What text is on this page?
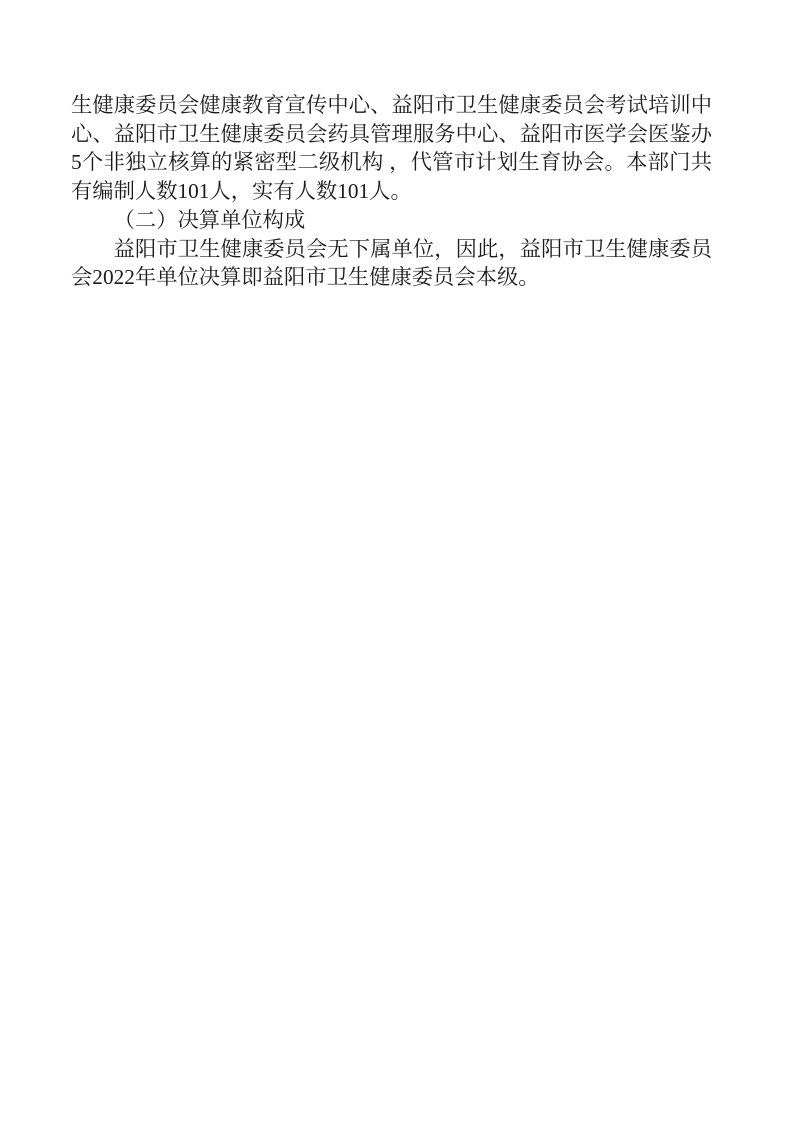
生健康委员会健康教育宣传中心、益阳市卫生健康委员会考试培训中
心、益阳市卫生健康委员会药具管理服务中心、益阳市医学会医鉴办
5个非独立核算的紧密型二级机构 ，代管市计划生育协会。本部门共
有编制人数101人，实有人数101人。
（二）决算单位构成
益阳市卫生健康委员会无下属单位，因此，益阳市卫生健康委员
会2022年单位决算即益阳市卫生健康委员会本级。
